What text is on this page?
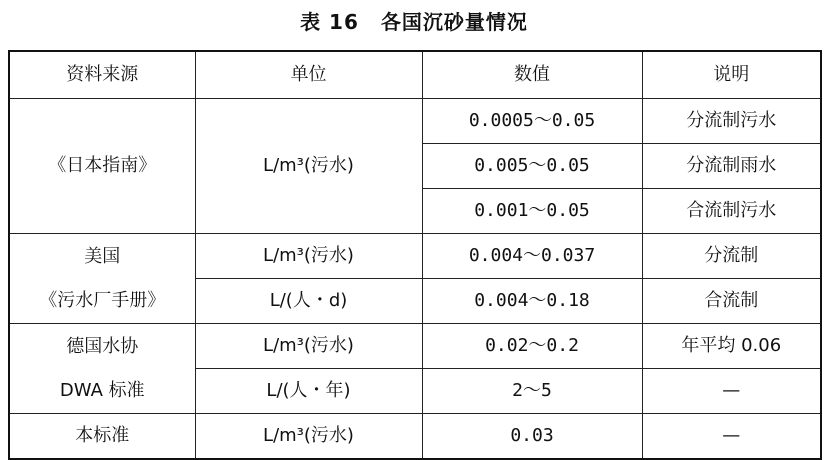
表 16 各国沉砂量情况
资料来源	单位	数值	说明
《日本指南》	L/m³(污水)	0.0005～0.05	分流制污水
		0.005～0.05	分流制雨水
		0.001～0.05	合流制污水

美国
《污水厂手册》	L/m³(污水)	0.004～0.037	分流制
	L/(人・d)	0.004～0.18	合流制

德国水协
DWA 标准	L/m³(污水)	0.02～0.2	年平均 0.06
	L/(人・年)	2～5	—
本标准	L/m³(污水)	0.03	—
